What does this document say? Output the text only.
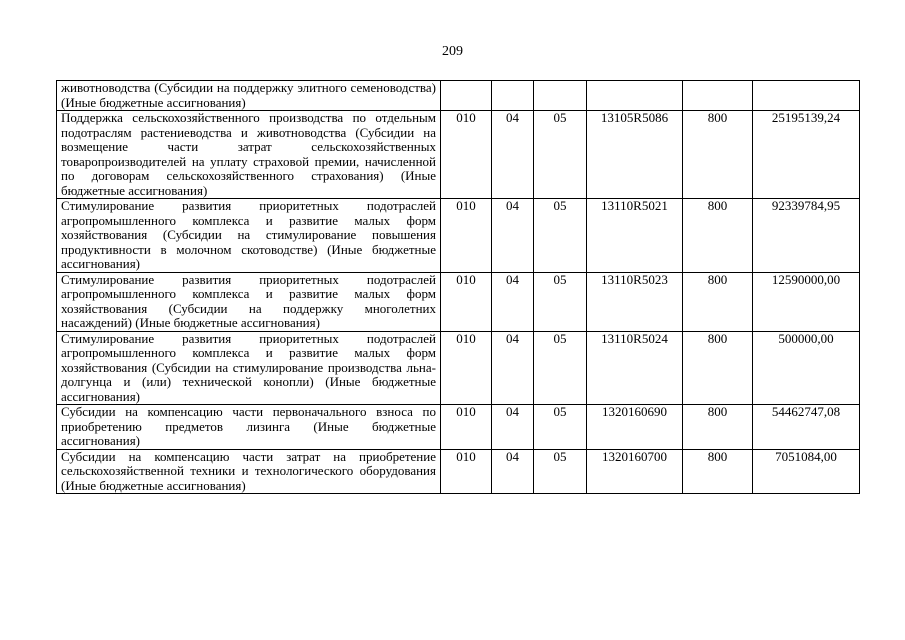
209
животноводства (Субсидии на поддержку элитного семеноводства) (Иные бюджетные ассигнования)						
Поддержка сельскохозяйственного производства по отдельным подотраслям растениеводства и животноводства (Субсидии на возмещение части затрат сельскохозяйственных товаропроизводителей на уплату страховой премии, начисленной по договорам сельскохозяйственного страхования) (Иные бюджетные ассигнования)	010	04	05	13105R5086	800	25195139,24
Стимулирование развития приоритетных подотраслей агропромышленного комплекса и развитие малых форм хозяйствования (Субсидии на стимулирование повышения продуктивности в молочном скотоводстве) (Иные бюджетные ассигнования)	010	04	05	13110R5021	800	92339784,95
Стимулирование развития приоритетных подотраслей агропромышленного комплекса и развитие малых форм хозяйствования (Субсидии на поддержку многолетних насаждений) (Иные бюджетные ассигнования)	010	04	05	13110R5023	800	12590000,00
Стимулирование развития приоритетных подотраслей агропромышленного комплекса и развитие малых форм хозяйствования (Субсидии на стимулирование производства льна-долгунца и (или) технической конопли) (Иные бюджетные ассигнования)	010	04	05	13110R5024	800	500000,00
Субсидии на компенсацию части первоначального взноса по приобретению предметов лизинга (Иные бюджетные ассигнования)	010	04	05	1320160690	800	54462747,08
Субсидии на компенсацию части затрат на приобретение сельскохозяйственной техники и технологического оборудования (Иные бюджетные ассигнования)	010	04	05	1320160700	800	7051084,00
